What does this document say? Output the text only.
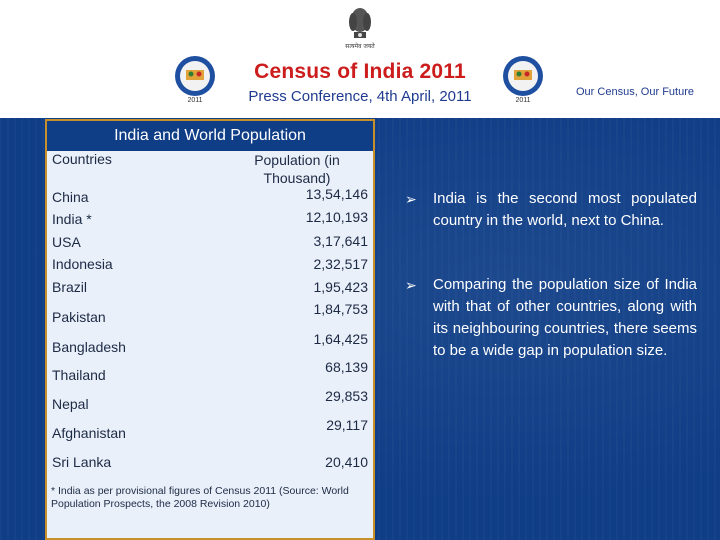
सत्यमेव जयते
2011
Census of India 2011
Press Conference, 4th April, 2011	2011
Our Census, Our Future
India and World Population
Countries	Population (in Thousand)
China	13,54,146
India *	12,10,193
USA	3,17,641
Indonesia	2,32,517
Brazil	1,95,423
Pakistan	1,84,753
Bangladesh	1,64,425
Thailand	68,139
Nepal	29,853
Afghanistan	29,117
Sri Lanka	20,410
* India as per provisional figures of Census 2011 (Source: World Population Prospects, the 2008 Revision 2010)
➢ India is the second most populated country in the world, next to China.
➢ Comparing the population size of India with that of other countries, along with its neighbouring countries, there seems to be a wide gap in population size.
